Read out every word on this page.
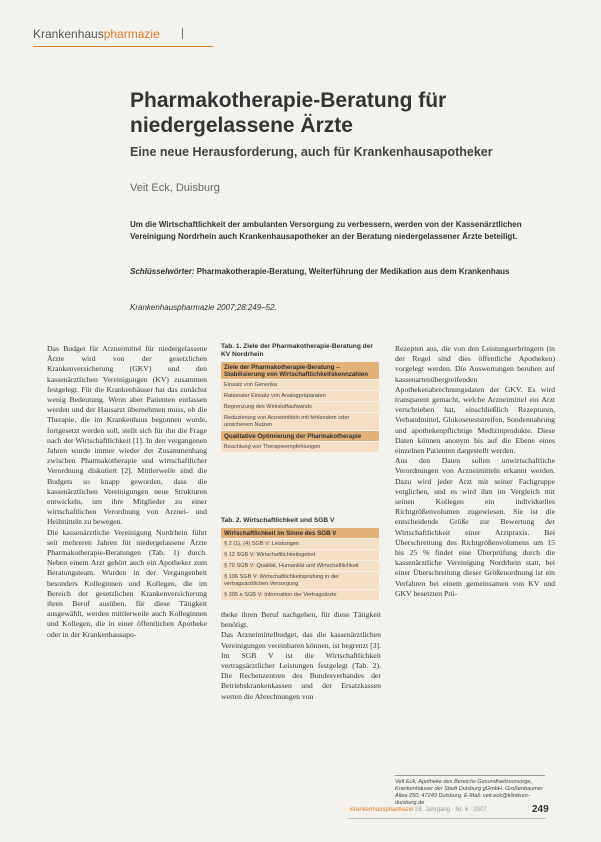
Krankenhauspharmazie
Pharmakotherapie-Beratung für niedergelassene Ärzte
Eine neue Herausforderung, auch für Krankenhausapotheker
Veit Eck, Duisburg
Um die Wirtschaftlichkeit der ambulanten Versorgung zu verbessern, werden von der Kassenärztlichen Vereinigung Nordrhein auch Krankenhausapotheker an der Beratung niedergelassener Ärzte beteiligt.
Schlüsselwörter: Pharmakotherapie-Beratung, Weiterführung der Medikation aus dem Krankenhaus
Krankenhauspharmazie 2007;28:249–52.

Das Budget für Arzneimittel für niedergelassene Ärzte wird von der gesetzlichen Krankenversicherung (GKV) und den kassenärztlichen Vereinigungen (KV) zusammen festgelegt. Für die Krankenhäuser hat das zunächst wenig Bedeutung. Wenn aber Patienten entlassen werden und der Hausarzt übernehmen muss, ob die Therapie, die im Krankenhaus begonnen wurde, fortgesetzt werden soll, stellt sich für ihn die Frage nach der Wirtschaftlichkeit [1]. In den vergangenen Jahren wurde immer wieder der Zusammenhang zwischen Pharmakotherapie und wirtschaftlicher Verordnung diskutiert [2]. Mittlerweile sind die Budgets so knapp geworden, dass die kassenärztlichen Vereinigungen neue Strukturen entwickeln, um ihre Mitglieder zu einer wirtschaftlichen Verordnung von Arznei- und Heilmitteln zu bewegen.

Die kassenärztliche Vereinigung Nordrhein führt seit mehreren Jahren für niedergelassene Ärzte Pharmakotherapie-Beratungen (Tab. 1) durch. Neben einem Arzt gehört auch ein Apotheker zum Beratungsteam. Wurden in der Vergangenheit besonders Kolleginnen und Kollegen, die im Bereich der gesetzlichen Krankenversicherung ihren Beruf ausüben, für diese Tätigkeit ausgewählt, werden mittlerweile auch Kolleginnen und Kollegen, die in einer öffentlichen Apotheke oder in der Krankenhausapo-

Tab. 1. Ziele der Pharmakotherapie-Beratung der KV Nordrhein
Ziele der Pharmakotherapie-Beratung – Stabilisierung von Wirtschaftlichkeitskennzahlen
Einsatz von Generika
Rationaler Einsatz von Analogpräparaten
Begrenzung des Wirkstoffaufwands
Reduzierung von Arzneimitteln mit fehlendem oder unsicherem Nutzen
Qualitative Optimierung der Pharmakotherapie
Beachtung von Therapieempfehlungen
Tab. 2. Wirtschaftlichkeit und SGB V
Wirtschaftlichkeit im Sinne des SGB V
§ 2 (1), (4) SGB V: Leistungen
§ 12 SGB V: Wirtschaftlichkeitsgebot
§ 70 SGB V: Qualität, Humanität und Wirtschaftlichkeit
§ 106 SGB V: Wirtschaftlichkeitsprüfung in der vertragsärztlichen Versorgung
§ 305 a SGB V: Information der Vertragsärzte

theke ihren Beruf nachgehen, für diese Tätigkeit benötigt.

Das Arzneimittelbudget, das die kassenärztlichen Vereinigungen vereinbaren können, ist begrenzt [3]. Im SGB V ist die Wirtschaftlichkeit vertragsärztlicher Leistungen festgelegt (Tab. 2). Die Rechenzentren des Bundesverbandes der Betriebskrankenkassen und der Ersatzkassen werten die Abrechnungen von

Rezepten aus, die von den Leistungserbringern (in der Regel sind dies öffentliche Apotheken) vorgelegt werden. Die Auswertungen beruhen auf kassenartenübergreifenden Apothekenabrechnungsdaten der GKV. Es wird transparent gemacht, welche Arzneimittel ein Arzt verschrieben hat, einschließlich Rezepturen, Verbandmittel, Glukoseteststreifen, Sondennahrung und apothekenpflichtige Medizinprodukte. Diese Daten können anonym bis auf die Ebene eines einzelnen Patienten dargestellt werden.

Aus den Daten sollen unwirtschaftliche Verordnungen von Arzneimitteln erkannt werden. Dazu wird jeder Arzt mit seiner Fachgruppe verglichen, und es wird ihm im Vergleich mit seinen Kollegen ein individuelles Richtgrößenvolumen zugewiesen. Sie ist die entscheidende Größe zur Bewertung der Wirtschaftlichkeit einer Arztpraxis. Bei Überschreitung des Richtgrößenvolumens um 15 bis 25 % findet eine Überprüfung durch die kassenärztliche Vereinigung Nordrhein statt, bei einer Überschreitung dieser Größenordnung ist ein Verfahren bei einem gemeinsamen von KV und GKV besetzten Prü-

Veit Eck, Apotheke des Bereichs Gesundheitsvorsorge, Krankenhäuser der Stadt Duisburg gGmbH, Großenbaumer Allee 250, 47249 Duisburg, E-Mail: veit.eck@klinikum-duisburg.de
Krankenhauspharmazie 28. Jahrgang · Nr. 6 · 2007	249
